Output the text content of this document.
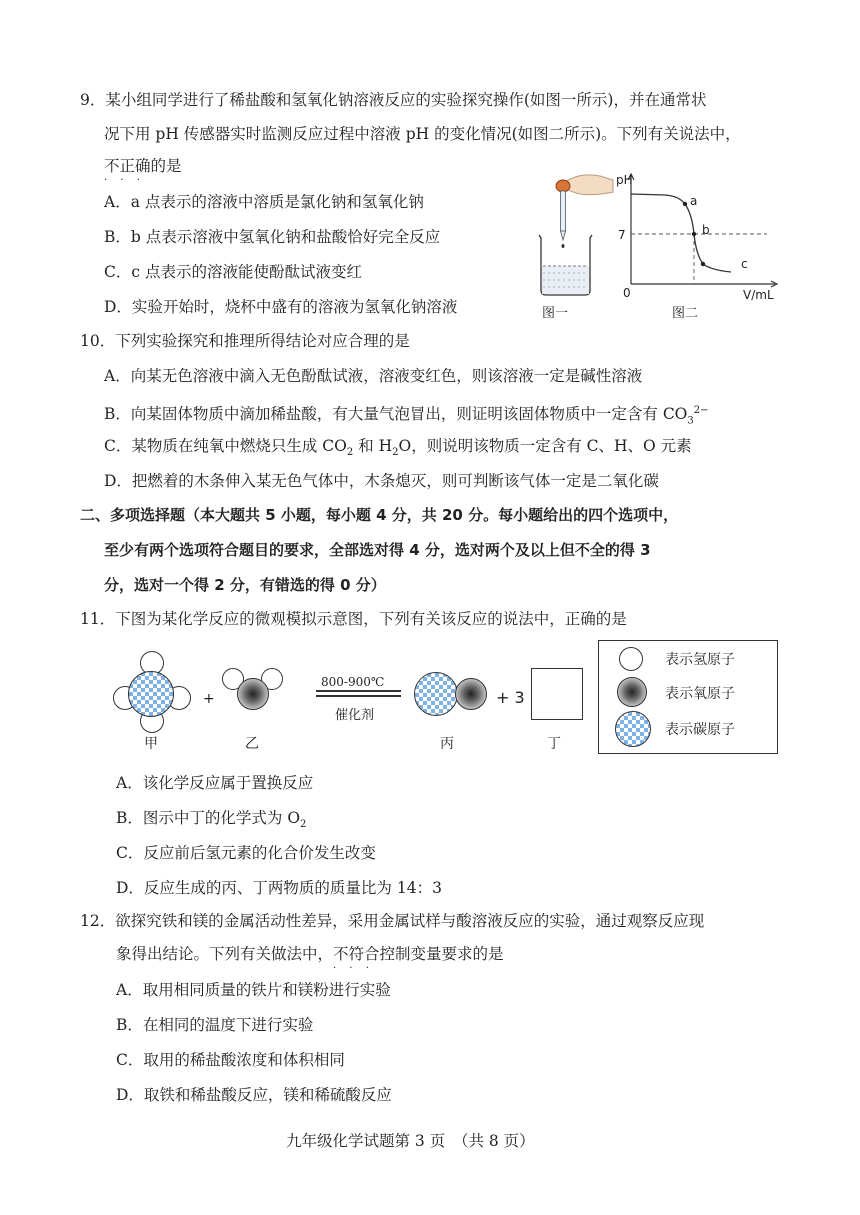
9．某小组同学进行了稀盐酸和氢氧化钠溶液反应的实验探究操作(如图一所示)，并在通常状
况下用 pH 传感器实时监测反应过程中溶液 pH 的变化情况(如图二所示)。下列有关说法中，
不正确
· · ·
的是
A．a 点表示的溶液中溶质是氯化钠和氢氧化钠
B．b 点表示溶液中氢氧化钠和盐酸恰好完全反应
C．c 点表示的溶液能使酚酞试液变红
D．实验开始时，烧杯中盛有的溶液为氢氧化钠溶液	图一
pH
7
0	V/mL
a
b
c
图二
10．下列实验探究和推理所得结论对应合理的是
A．向某无色溶液中滴入无色酚酞试液，溶液变红色，则该溶液一定是碱性溶液
B．向某固体物质中滴加稀盐酸，有大量气泡冒出，则证明该固体物质中一定含有 $CO_3^{2-}$
C．某物质在纯氧中燃烧只生成 $CO_2$ 和 $H_2O$，则说明该物质一定含有 C、H、O 元素
D．把燃着的木条伸入某无色气体中，木条熄灭，则可判断该气体一定是二氧化碳
二、多项选择题（本大题共 5 小题，每小题 4 分，共 20 分。每小题给出的四个选项中，
至少有两个选项符合题目的要求，全部选对得 4 分，选对两个及以上但不全的得 3
分，选对一个得 2 分，有错选的得 0 分）
11．下图为某化学反应的微观模拟示意图，下列有关该反应的说法中，正确的是
甲
+
乙
800-900℃
催化剂
丙
+ 3
丁
表示氢原子
表示氧原子
表示碳原子
A．该化学反应属于置换反应
B．图示中丁的化学式为 $O_2$
C．反应前后氢元素的化合价发生改变
D．反应生成的丙、丁两物质的质量比为 14：3
12．欲探究铁和镁的金属活动性差异，采用金属试样与酸溶液反应的实验，通过观察反应现
象得出结论。下列有关做法中，不符合
· · ·
控制变量要求的是
A．取用相同质量的铁片和镁粉进行实验
B．在相同的温度下进行实验
C．取用的稀盐酸浓度和体积相同
D．取铁和稀盐酸反应，镁和稀硫酸反应
九年级化学试题第 3 页　（共 8 页）
